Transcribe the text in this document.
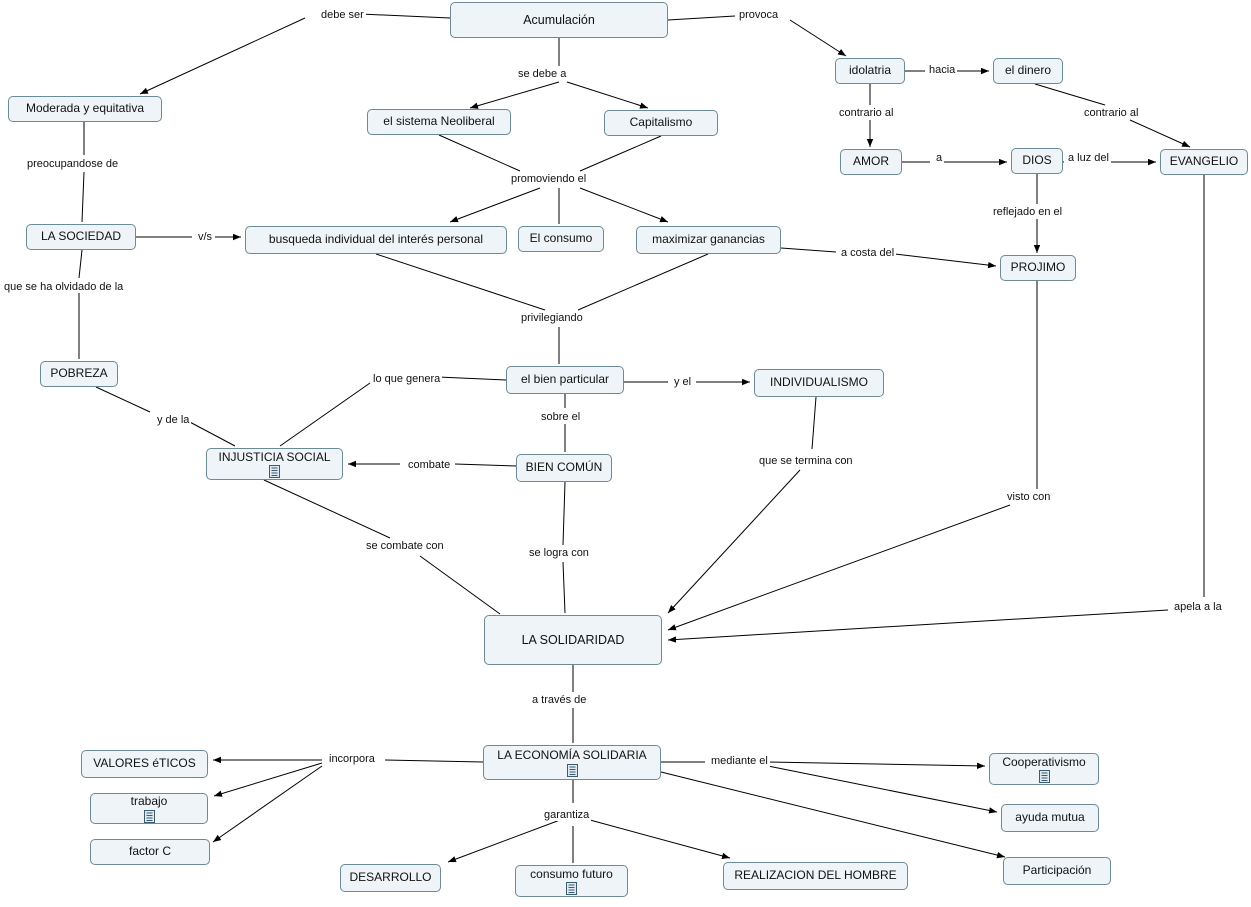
Acumulación
Moderada y equitativa
el sistema Neoliberal	Capitalismo
idolatria	el dinero
AMOR	DIOS	EVANGELIO
LA SOCIEDAD	busqueda individual del interés personal	El consumo	maximizar ganancias
PROJIMO
POBREZA	el bien particular	INDIVIDUALISMO
INJUSTICIA SOCIAL
BIEN COMÚN
LA SOLIDARIDAD
LA ECONOMÍA SOLIDARIA
VALORES éTICOS
trabajo
factor C
Cooperativismo
ayuda mutua
Participación
DESARROLLO	consumo futuro	REALIZACION DEL HOMBRE
debe ser	provoca
se debe a	hacia
contrario al	contrario al
a	a luz del
preocupandose de
promoviendo el
reflejado en el
v/s
a costa del
que se ha olvidado de la
privilegiando
lo que genera	y el
y de la	sobre el
combate	que se termina con
visto con
se combate con
se logra con
apela a la
a través de
incorpora	mediante el
garantiza
